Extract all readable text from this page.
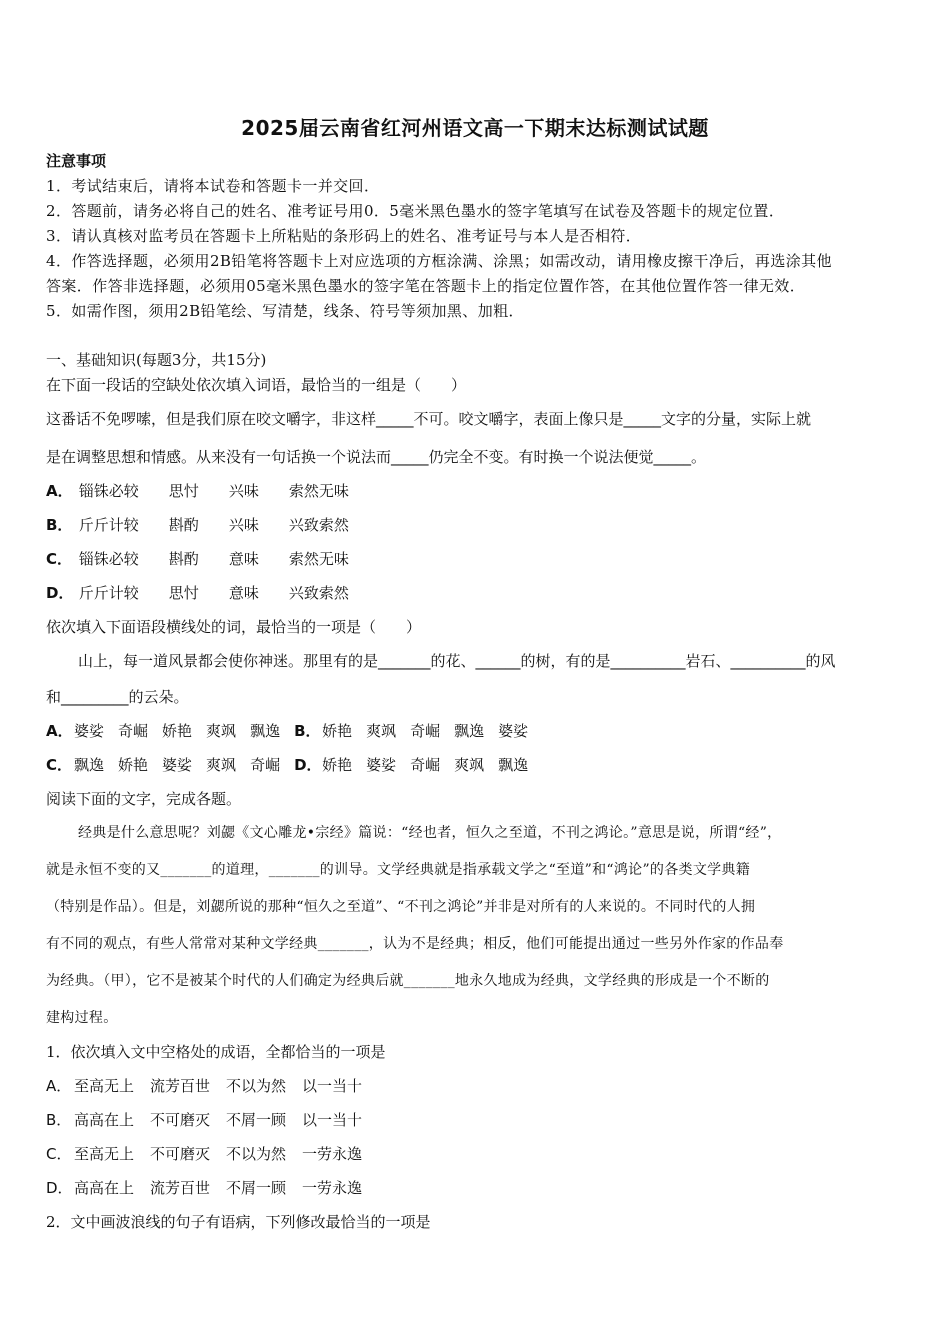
2025届云南省红河州语文高一下期末达标测试试题
注意事项
1．考试结束后，请将本试卷和答题卡一并交回．
2．答题前，请务必将自己的姓名、准考证号用0．5毫米黑色墨水的签字笔填写在试卷及答题卡的规定位置．
3．请认真核对监考员在答题卡上所粘贴的条形码上的姓名、准考证号与本人是否相符．
4．作答选择题，必须用2B铅笔将答题卡上对应选项的方框涂满、涂黑；如需改动，请用橡皮擦干净后，再选涂其他
答案．作答非选择题，必须用05毫米黑色墨水的签字笔在答题卡上的指定位置作答，在其他位置作答一律无效．
5．如需作图，须用2B铅笔绘、写清楚，线条、符号等须加黑、加粗．
一、基础知识(每题3分，共15分)
在下面一段话的空缺处依次填入词语，最恰当的一组是（　　）
这番话不免啰嗦，但是我们原在咬文嚼字，非这样_____不可。咬文嚼字，表面上像只是_____文字的分量，实际上就
是在调整思想和情感。从来没有一句话换一个说法而_____仍完全不变。有时换一个说法便觉_____。
A． 锱铢必较 思忖 兴味 索然无味
B． 斤斤计较 斟酌 兴味 兴致索然
C． 锱铢必较 斟酌 意味 索然无味
D． 斤斤计较 思忖 意味 兴致索然
依次填入下面语段横线处的词，最恰当的一项是（　　）
山上，每一道风景都会使你神迷。那里有的是_______的花、______的树，有的是__________岩石、__________的风
和_________的云朵。
A．婆娑 奇崛 娇艳 爽飒 飘逸 B． 娇艳 爽飒 奇崛 飘逸 婆娑
C． 飘逸 娇艳 婆娑 爽飒 奇崛 D．娇艳 婆娑 奇崛 爽飒 飘逸
阅读下面的文字，完成各题。
经典是什么意思呢？刘勰《文心雕龙•宗经》篇说：“经也者，恒久之至道，不刊之鸿论。”意思是说，所谓“经”，
就是永恒不变的又_______的道理，_______的训导。文学经典就是指承载文学之“至道”和“鸿论”的各类文学典籍
（特别是作品）。但是，刘勰所说的那种“恒久之至道”、“不刊之鸿论”并非是对所有的人来说的。不同时代的人拥
有不同的观点，有些人常常对某种文学经典_______，认为不是经典；相反，他们可能提出通过一些另外作家的作品奉
为经典。（甲），它不是被某个时代的人们确定为经典后就_______地永久地成为经典，文学经典的形成是一个不断的
建构过程。
1．依次填入文中空格处的成语，全都恰当的一项是
A． 至高无上 流芳百世 不以为然 以一当十
B． 高高在上 不可磨灭 不屑一顾 以一当十
C． 至高无上 不可磨灭 不以为然 一劳永逸
D．高高在上 流芳百世 不屑一顾 一劳永逸
2．文中画波浪线的句子有语病，下列修改最恰当的一项是
